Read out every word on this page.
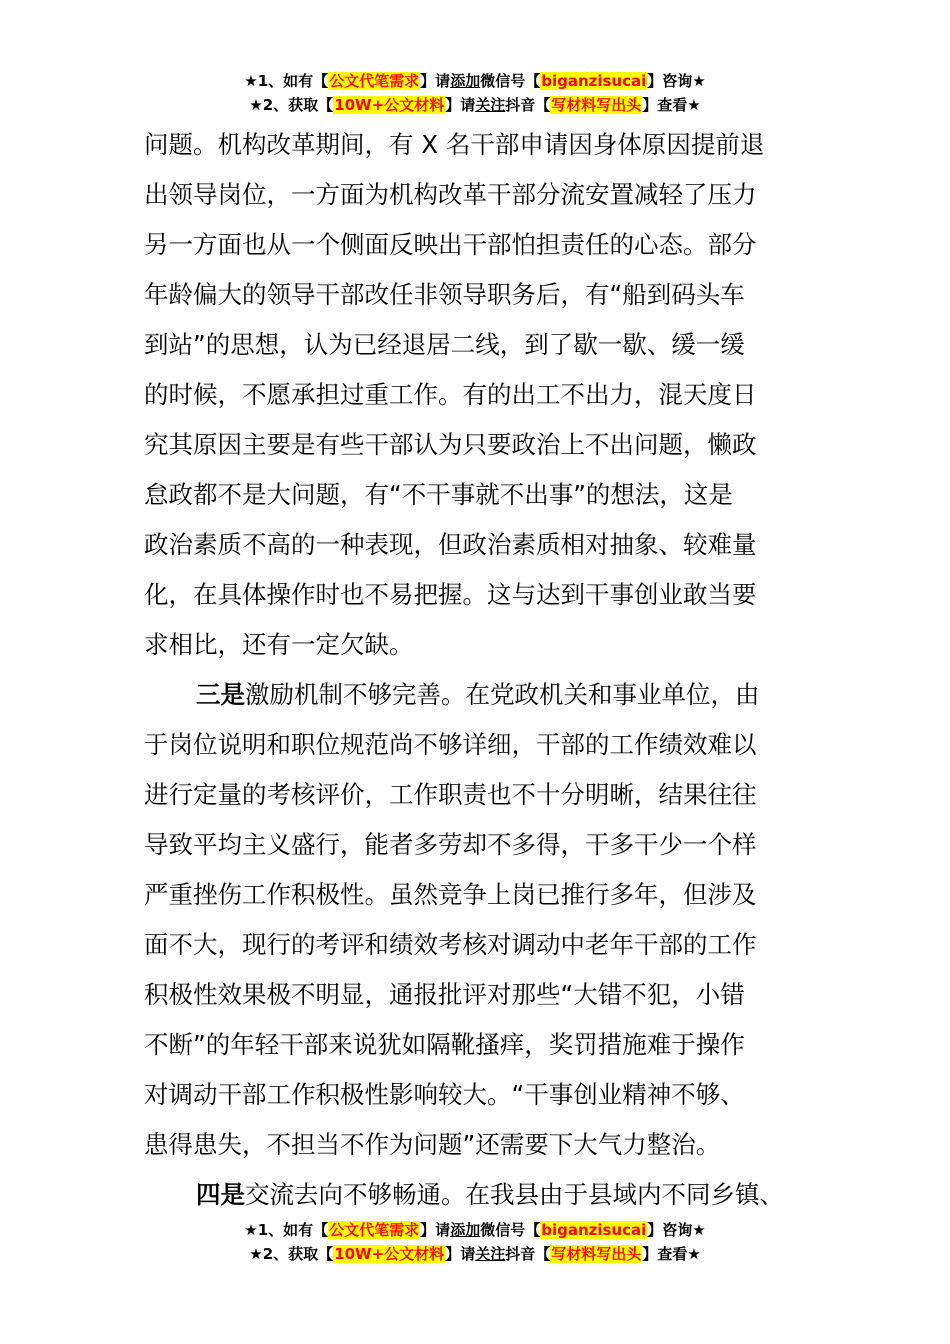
★1、如有【公文代笔需求】请添加微信号【biganzisucai】咨询★
★2、获取【10W+公文材料】请关注抖音【写材料写出头】查看★
问题。机构改革期间，有 X 名干部申请因身体原因提前退
出领导岗位，一方面为机构改革干部分流安置减轻了压力
另一方面也从一个侧面反映出干部怕担责任的心态。部分
年龄偏大的领导干部改任非领导职务后，有“船到码头车
到站”的思想，认为已经退居二线，到了歇一歇、缓一缓
的时候，不愿承担过重工作。有的出工不出力，混天度日
究其原因主要是有些干部认为只要政治上不出问题，懒政
怠政都不是大问题，有“不干事就不出事”的想法，这是
政治素质不高的一种表现，但政治素质相对抽象、较难量
化，在具体操作时也不易把握。这与达到干事创业敢当要
求相比，还有一定欠缺。
三是激励机制不够完善。在党政机关和事业单位，由
于岗位说明和职位规范尚不够详细，干部的工作绩效难以
进行定量的考核评价，工作职责也不十分明晰，结果往往
导致平均主义盛行，能者多劳却不多得，干多干少一个样
严重挫伤工作积极性。虽然竞争上岗已推行多年，但涉及
面不大，现行的考评和绩效考核对调动中老年干部的工作
积极性效果极不明显，通报批评对那些“大错不犯，小错
不断”的年轻干部来说犹如隔靴搔痒，奖罚措施难于操作
对调动干部工作积极性影响较大。“干事创业精神不够、
患得患失，不担当不作为问题”还需要下大气力整治。
四是交流去向不够畅通。在我县由于县域内不同乡镇、
★1、如有【公文代笔需求】请添加微信号【biganzisucai】咨询★
★2、获取【10W+公文材料】请关注抖音【写材料写出头】查看★
